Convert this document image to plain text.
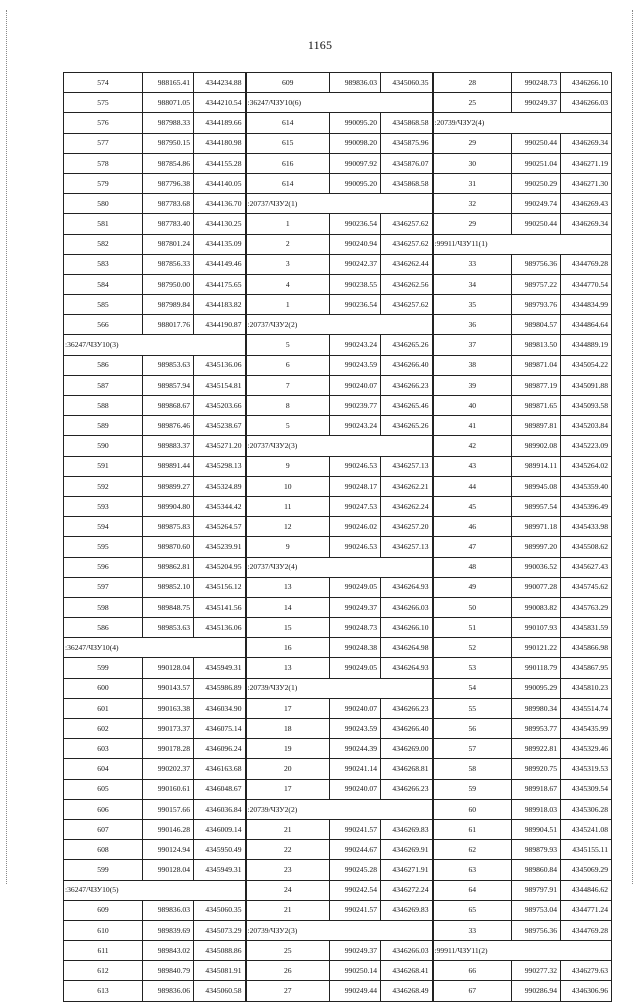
1165
574	988165.41	4344234.88	609	989836.03	4345060.35	28	990248.73	4346266.10
575	988071.05	4344210.54	:36247/ЧЗУ10(6)			25	990249.37	4346266.03
576	987988.33	4344189.66	614	990095.20	4345868.58	:20739/ЧЗУ2(4)		
577	987950.15	4344180.98	615	990098.20	4345875.96	29	990250.44	4346269.34
578	987854.86	4344155.28	616	990097.92	4345876.07	30	990251.04	4346271.19
579	987796.38	4344140.05	614	990095.20	4345868.58	31	990250.29	4346271.30
580	987783.68	4344136.70	:20737/ЧЗУ2(1)			32	990249.74	4346269.43
581	987783.40	4344130.25	1	990236.54	4346257.62	29	990250.44	4346269.34
582	987801.24	4344135.09	2	990240.94	4346257.62	:99911/ЧЗУ11(1)		
583	987856.33	4344149.46	3	990242.37	4346262.44	33	989756.36	4344769.28
584	987950.00	4344175.65	4	990238.55	4346262.56	34	989757.22	4344770.54
585	987989.84	4344183.82	1	990236.54	4346257.62	35	989793.76	4344834.99
566	988017.76	4344190.87	:20737/ЧЗУ2(2)			36	989804.57	4344864.64
:36247/ЧЗУ10(3)			5	990243.24	4346265.26	37	989813.50	4344889.19
586	989853.63	4345136.06	6	990243.59	4346266.40	38	989871.04	4345054.22
587	989857.94	4345154.81	7	990240.07	4346266.23	39	989877.19	4345091.88
588	989868.67	4345203.66	8	990239.77	4346265.46	40	989871.65	4345093.58
589	989876.46	4345238.67	5	990243.24	4346265.26	41	989897.81	4345203.84
590	989883.37	4345271.20	:20737/ЧЗУ2(3)			42	989902.08	4345223.09
591	989891.44	4345298.13	9	990246.53	4346257.13	43	989914.11	4345264.02
592	989899.27	4345324.89	10	990248.17	4346262.21	44	989945.08	4345359.40
593	989904.80	4345344.42	11	990247.53	4346262.24	45	989957.54	4345396.49
594	989875.83	4345264.57	12	990246.02	4346257.20	46	989971.18	4345433.98
595	989870.60	4345239.91	9	990246.53	4346257.13	47	989997.20	4345508.62
596	989862.81	4345204.95	:20737/ЧЗУ2(4)			48	990036.52	4345627.43
597	989852.10	4345156.12	13	990249.05	4346264.93	49	990077.28	4345745.62
598	989848.75	4345141.56	14	990249.37	4346266.03	50	990083.82	4345763.29
586	989853.63	4345136.06	15	990248.73	4346266.10	51	990107.93	4345831.59
:36247/ЧЗУ10(4)			16	990248.38	4346264.98	52	990121.22	4345866.98
599	990128.04	4345949.31	13	990249.05	4346264.93	53	990118.79	4345867.95
600	990143.57	4345986.89	:20739/ЧЗУ2(1)			54	990095.29	4345810.23
601	990163.38	4346034.90	17	990240.07	4346266.23	55	989980.34	4345514.74
602	990173.37	4346075.14	18	990243.59	4346266.40	56	989953.77	4345435.99
603	990178.28	4346096.24	19	990244.39	4346269.00	57	989922.81	4345329.46
604	990202.37	4346163.68	20	990241.14	4346268.81	58	989920.75	4345319.53
605	990160.61	4346048.67	17	990240.07	4346266.23	59	989918.67	4345309.54
606	990157.66	4346036.84	:20739/ЧЗУ2(2)			60	989918.03	4345306.28
607	990146.28	4346009.14	21	990241.57	4346269.83	61	989904.51	4345241.08
608	990124.94	4345950.49	22	990244.67	4346269.91	62	989879.93	4345155.11
599	990128.04	4345949.31	23	990245.28	4346271.91	63	989860.84	4345069.29
:36247/ЧЗУ10(5)			24	990242.54	4346272.24	64	989797.91	4344846.62
609	989836.03	4345060.35	21	990241.57	4346269.83	65	989753.04	4344771.24
610	989839.69	4345073.29	:20739/ЧЗУ2(3)			33	989756.36	4344769.28
611	989843.02	4345088.86	25	990249.37	4346266.03	:99911/ЧЗУ11(2)		
612	989840.79	4345081.91	26	990250.14	4346268.41	66	990277.32	4346279.63
613	989836.06	4345060.58	27	990249.44	4346268.49	67	990286.94	4346306.96
